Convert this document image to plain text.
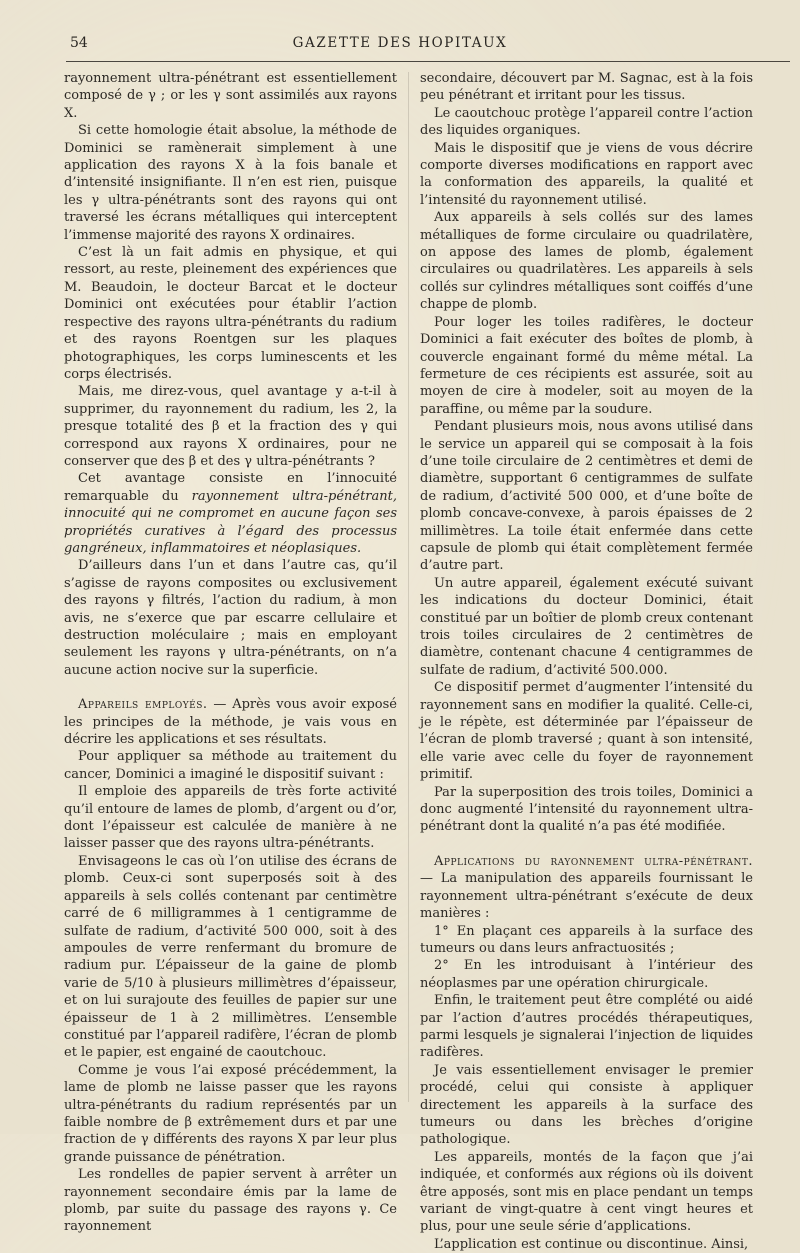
54	GAZETTE DES HOPITAUX

rayonnement ultra-pénétrant est essentiellement composé de γ ; or les γ sont assimilés aux rayons X.

Si cette homologie était absolue, la méthode de Dominici se ramènerait simplement à une application des rayons X à la fois banale et d’intensité insignifiante. Il n’en est rien, puisque les γ ultra-pénétrants sont des rayons qui ont traversé les écrans métalliques qui interceptent l’immense majorité des rayons X ordinaires.

C’est là un fait admis en physique, et qui ressort, au reste, pleinement des expériences que M. Beaudoin, le docteur Barcat et le docteur Dominici ont exécutées pour établir l’action respective des rayons ultra-pénétrants du radium et des rayons Roentgen sur les plaques photographiques, les corps luminescents et les corps électrisés.

Mais, me direz-vous, quel avantage y a-t-il à supprimer, du rayonnement du radium, les 2, la presque totalité des β et la fraction des γ qui correspond aux rayons X ordinaires, pour ne conserver que des β et des γ ultra-pénétrants ?

Cet avantage consiste en l’innocuité remarquable du rayonnement ultra-pénétrant, innocuité qui ne compromet en aucune façon ses propriétés curatives à l’égard des processus gangréneux, inflammatoires et néoplasiques.

D’ailleurs dans l’un et dans l’autre cas, qu’il s’agisse de rayons composites ou exclusivement des rayons γ filtrés, l’action du radium, à mon avis, ne s’exerce que par escarre cellulaire et destruction moléculaire ; mais en employant seulement les rayons γ ultra-pénétrants, on n’a aucune action nocive sur la superficie.

Appareils employés. — Après vous avoir exposé les principes de la méthode, je vais vous en décrire les applications et ses résultats.

Pour appliquer sa méthode au traitement du cancer, Dominici a imaginé le dispositif suivant :

Il emploie des appareils de très forte activité qu’il entoure de lames de plomb, d’argent ou d’or, dont l’épaisseur est calculée de manière à ne laisser passer que des rayons ultra-pénétrants.

Envisageons le cas où l’on utilise des écrans de plomb. Ceux-ci sont superposés soit à des appareils à sels collés contenant par centimètre carré de 6 milligrammes à 1 centigramme de sulfate de radium, d’activité 500 000, soit à des ampoules de verre renfermant du bromure de radium pur. L’épaisseur de la gaine de plomb varie de 5/10 à plusieurs millimètres d’épaisseur, et on lui surajoute des feuilles de papier sur une épaisseur de 1 à 2 millimètres. L’ensemble constitué par l’appareil radifère, l’écran de plomb et le papier, est engainé de caoutchouc.

Comme je vous l’ai exposé précédemment, la lame de plomb ne laisse passer que les rayons ultra-pénétrants du radium représentés par un faible nombre de β extrêmement durs et par une fraction de γ différents des rayons X par leur plus grande puissance de pénétration.

Les rondelles de papier servent à arrêter un rayonnement secondaire émis par la lame de plomb, par suite du passage des rayons γ. Ce rayonnement

secondaire, découvert par M. Sagnac, est à la fois peu pénétrant et irritant pour les tissus.

Le caoutchouc protège l’appareil contre l’action des liquides organiques.

Mais le dispositif que je viens de vous décrire comporte diverses modifications en rapport avec la conformation des appareils, la qualité et l’intensité du rayonnement utilisé.

Aux appareils à sels collés sur des lames métalliques de forme circulaire ou quadrilatère, on appose des lames de plomb, également circulaires ou quadrilatères. Les appareils à sels collés sur cylindres métalliques sont coiffés d’une chappe de plomb.

Pour loger les toiles radifères, le docteur Dominici a fait exécuter des boîtes de plomb, à couvercle engainant formé du même métal. La fermeture de ces récipients est assurée, soit au moyen de cire à modeler, soit au moyen de la paraffine, ou même par la soudure.

Pendant plusieurs mois, nous avons utilisé dans le service un appareil qui se composait à la fois d’une toile circulaire de 2 centimètres et demi de diamètre, supportant 6 centigrammes de sulfate de radium, d’activité 500 000, et d’une boîte de plomb concave-convexe, à parois épaisses de 2 millimètres. La toile était enfermée dans cette capsule de plomb qui était complètement fermée d’autre part.

Un autre appareil, également exécuté suivant les indications du docteur Dominici, était constitué par un boîtier de plomb creux contenant trois toiles circulaires de 2 centimètres de diamètre, contenant chacune 4 centigrammes de sulfate de radium, d’activité 500.000.

Ce dispositif permet d’augmenter l’intensité du rayonnement sans en modifier la qualité. Celle-ci, je le répète, est déterminée par l’épaisseur de l’écran de plomb traversé ; quant à son intensité, elle varie avec celle du foyer de rayonnement primitif.

Par la superposition des trois toiles, Dominici a donc augmenté l’intensité du rayonnement ultra-pénétrant dont la qualité n’a pas été modifiée.

Applications du rayonnement ultra-pénétrant. — La manipulation des appareils fournissant le rayonnement ultra-pénétrant s’exécute de deux manières :

1° En plaçant ces appareils à la surface des tumeurs ou dans leurs anfractuosités ;

2° En les introduisant à l’intérieur des néoplasmes par une opération chirurgicale.

Enfin, le traitement peut être complété ou aidé par l’action d’autres procédés thérapeutiques, parmi lesquels je signalerai l’injection de liquides radifères.

Je vais essentiellement envisager le premier procédé, celui qui consiste à appliquer directement les appareils à la surface des tumeurs ou dans les brèches d’origine pathologique.

Les appareils, montés de la façon que j’ai indiquée, et conformés aux régions où ils doivent être apposés, sont mis en place pendant un temps variant de vingt-quatre à cent vingt heures et plus, pour une seule série d’applications.

L’application est continue ou discontinue. Ainsi,
